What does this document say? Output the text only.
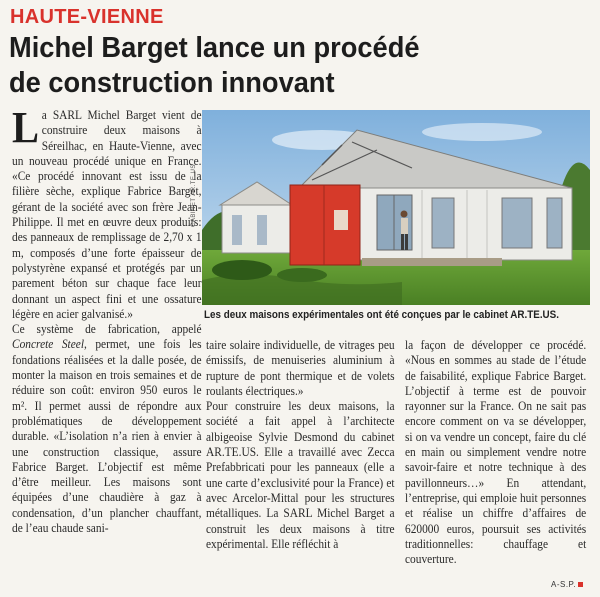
HAUTE-VIENNE
Michel Barget lance un procédé
de construction innovant

La SARL Michel Barget vient de construire deux maisons à Séreilhac, en Haute-Vienne, avec un nouveau procédé unique en France. «Ce procédé innovant est issu de la filière sèche, explique Fabrice Barget, gérant de la société avec son frère Jean-Philippe. Il met en œuvre deux produits: des panneaux de remplissage de 2,70 x 1 m, composés d’une forte épaisseur de polystyrène expansé et protégés par un parement béton sur chaque face leur donnant un aspect fini et une ossature légère en acier galvanisé.»

Ce système de fabrication, appelé Concrete Steel, permet, une fois les fondations réalisées et la dalle posée, de monter la maison en trois semaines et de réduire son coût: environ 950 euros le m². Il permet aussi de répondre aux problématiques de développement durable. «L’isolation n’a rien à envier à une construction classique, assure Fabrice Barget. L’objectif est même d’être meilleur. Les maisons sont équipées d’une chaudière à gaz à condensation, d’un plancher chauffant, de l’eau chaude sani-

CABINET AR.TE.US
Les deux maisons expérimentales ont été conçues par le cabinet AR.TE.US.

taire solaire individuelle, de vitrages peu émissifs, de menuiseries aluminium à rupture de pont thermique et de volets roulants électriques.»

Pour construire les deux maisons, la société a fait appel à l’architecte albigeoise Sylvie Desmond du cabinet AR.TE.US. Elle a travaillé avec Zecca Prefabbricati pour les panneaux (elle a une carte d’exclusivité pour la France) et avec Arcelor-Mittal pour les structures métalliques. La SARL Michel Barget a construit les deux maisons à titre expérimental. Elle réfléchit à

la façon de développer ce procédé. «Nous en sommes au stade de l’étude de faisabilité, explique Fabrice Barget. L’objectif à terme est de pouvoir rayonner sur la France. On ne sait pas encore comment on va se développer, si on va vendre un concept, faire du clé en main ou simplement vendre notre savoir-faire et notre technique à des pavillonneurs…» En attendant, l’entreprise, qui emploie huit personnes et réalise un chiffre d’affaires de 620000 euros, poursuit ses activités traditionnelles: chauffage et couverture.

A-S.P.
